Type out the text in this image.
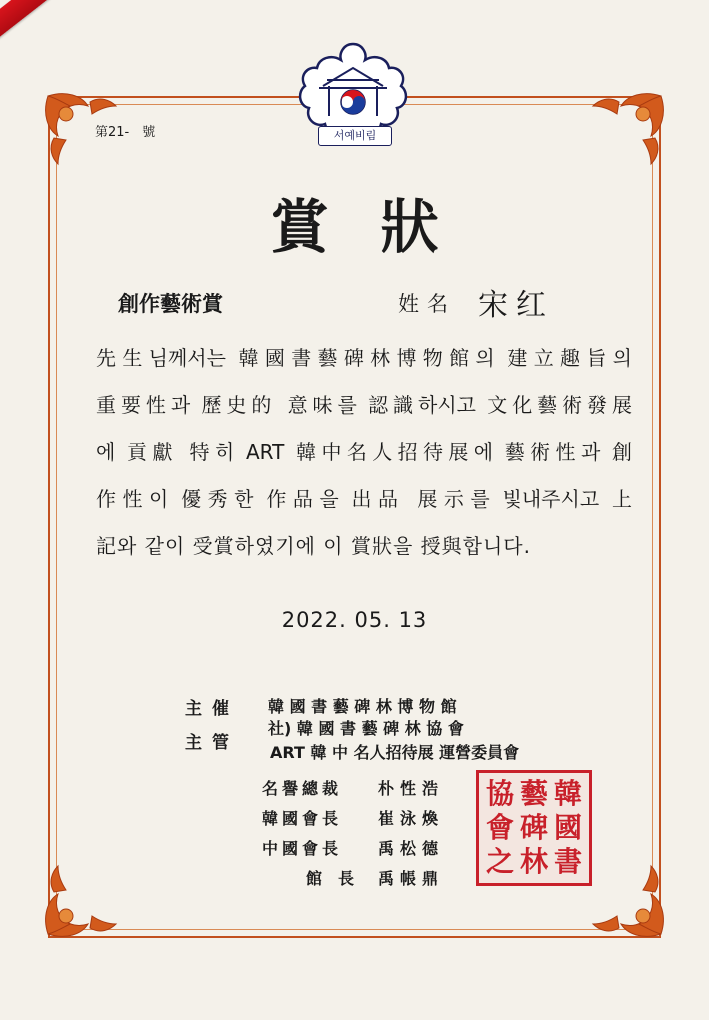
서예비림
第21-　號
賞狀
創作藝術賞	姓名 宋红
先生님께서는 韓國書藝碑林博物館의 建立趣旨의
重要性과 歷史的 意味를 認識하시고 文化藝術發展
에 貢獻 特히 ART 韓中名人招待展에 藝術性과 創
作性이 優秀한 作品을 出品 展示를 빛내주시고 上
記와 같이 受賞하였기에 이 賞狀을 授與합니다.
2022. 05. 13
主催 韓 國 書 藝 碑 林 博 物 館
主管
社) 韓 國 書 藝 碑 林 協 會
ART 韓 中 名人招待展 運營委員會
名譽總裁 朴性浩
韓國會長 崔泳煥
中國會長 禹松德
館長 禹帳鼎
韓
國
書
藝
碑
林
協
會
之
